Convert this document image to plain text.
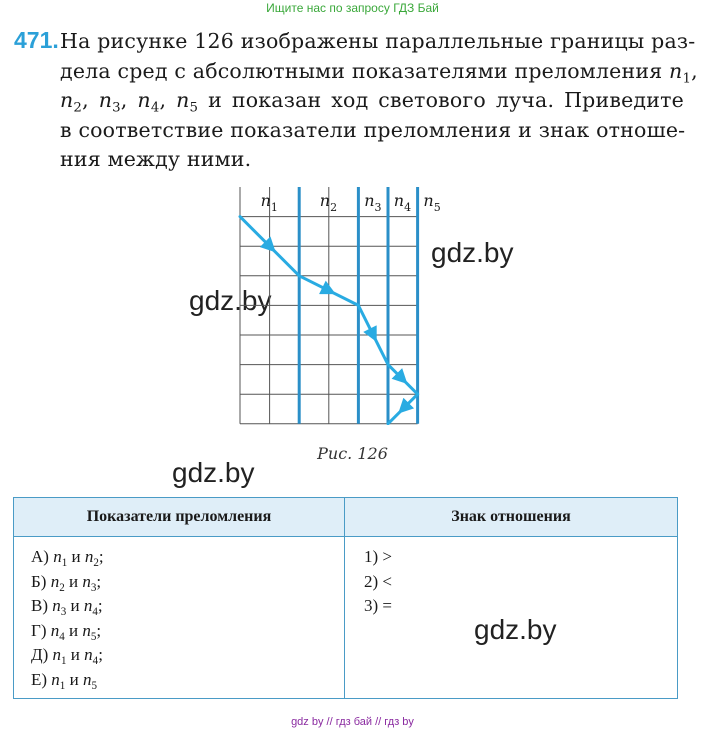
Ищите нас по запросу ГДЗ Бай
471. На рисунке 126 изображены параллельные границы раз-
дела сред с абсолютными показателями преломления $n_1$,
$n_2$, $n_3$, $n_4$, $n_5$ и показан ход светового луча. Приведите
в соответствие показатели преломления и знак отноше-
ния между ними.
gdz.by
gdz.by
gdz.by
gdz.by
$n_1$	$n_2$ $n_3$ $n_4$ $n_5$
Рис. 126
Показатели преломления	Знак отношения
А) $n_1$ и $n_2$;
Б) $n_2$ и $n_3$;
В) $n_3$ и $n_4$;
Г) $n_4$ и $n_5$;
Д) $n_1$ и $n_4$;
Е) $n_1$ и $n_5$
1) >
2) <
3) =
gdz by // гдз бай // гдз by
